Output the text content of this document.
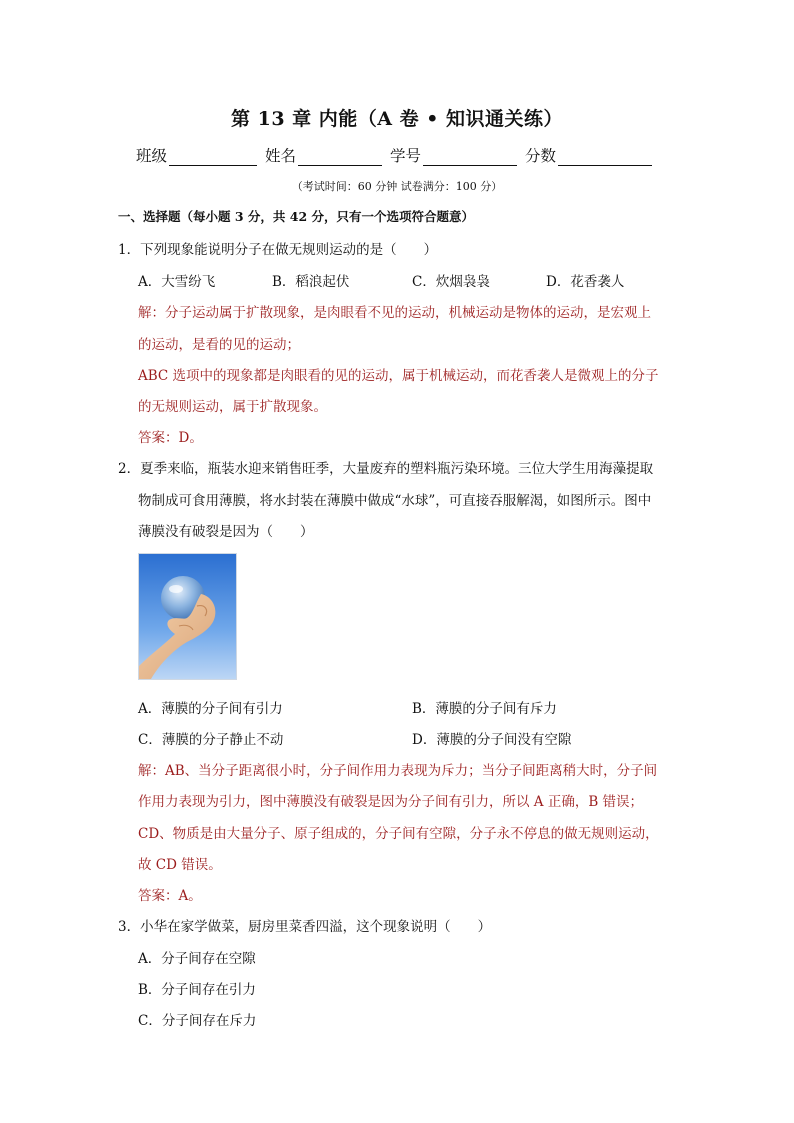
第 13 章 内能（A 卷 • 知识通关练）
班级	姓名	学号	分数
（考试时间：60 分钟 试卷满分：100 分）
一、选择题（每小题 3 分，共 42 分，只有一个选项符合题意）
1．下列现象能说明分子在做无规则运动的是（　　）
A．大雪纷飞	B．稻浪起伏	C．炊烟袅袅	D．花香袭人
解：分子运动属于扩散现象，是肉眼看不见的运动，机械运动是物体的运动，是宏观上
的运动，是看的见的运动；
ABC 选项中的现象都是肉眼看的见的运动，属于机械运动，而花香袭人是微观上的分子
的无规则运动，属于扩散现象。
答案：D。
2．夏季来临，瓶装水迎来销售旺季，大量废弃的塑料瓶污染环境。三位大学生用海藻提取
物制成可食用薄膜，将水封装在薄膜中做成“水球”，可直接吞服解渴，如图所示。图中
薄膜没有破裂是因为（　　）
A．薄膜的分子间有引力	B．薄膜的分子间有斥力
C．薄膜的分子静止不动	D．薄膜的分子间没有空隙
解：AB、当分子距离很小时，分子间作用力表现为斥力；当分子间距离稍大时，分子间
作用力表现为引力，图中薄膜没有破裂是因为分子间有引力，所以 A 正确，B 错误；
CD、物质是由大量分子、原子组成的，分子间有空隙，分子永不停息的做无规则运动，
故 CD 错误。
答案：A。
3．小华在家学做菜，厨房里菜香四溢，这个现象说明（　　）
A．分子间存在空隙
B．分子间存在引力
C．分子间存在斥力
